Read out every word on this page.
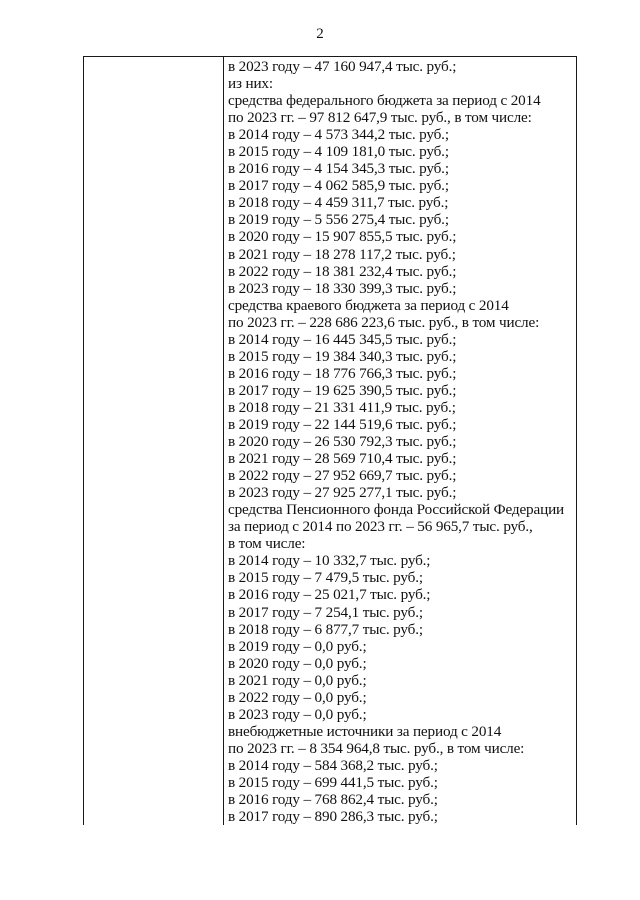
2
в 2023 году – 47 160 947,4 тыс. руб.;
из них:
средства федерального бюджета за период с 2014
по 2023 гг. – 97 812 647,9 тыс. руб., в том числе:
в 2014 году – 4 573 344,2 тыс. руб.;
в 2015 году – 4 109 181,0 тыс. руб.;
в 2016 году – 4 154 345,3 тыс. руб.;
в 2017 году – 4 062 585,9 тыс. руб.;
в 2018 году – 4 459 311,7 тыс. руб.;
в 2019 году – 5 556 275,4 тыс. руб.;
в 2020 году – 15 907 855,5 тыс. руб.;
в 2021 году – 18 278 117,2 тыс. руб.;
в 2022 году – 18 381 232,4 тыс. руб.;
в 2023 году – 18 330 399,3 тыс. руб.;
средства краевого бюджета за период с 2014
по 2023 гг. – 228 686 223,6 тыс. руб., в том числе:
в 2014 году – 16 445 345,5 тыс. руб.;
в 2015 году – 19 384 340,3 тыс. руб.;
в 2016 году – 18 776 766,3 тыс. руб.;
в 2017 году – 19 625 390,5 тыс. руб.;
в 2018 году – 21 331 411,9 тыс. руб.;
в 2019 году – 22 144 519,6 тыс. руб.;
в 2020 году – 26 530 792,3 тыс. руб.;
в 2021 году – 28 569 710,4 тыс. руб.;
в 2022 году – 27 952 669,7 тыс. руб.;
в 2023 году – 27 925 277,1 тыс. руб.;
средства Пенсионного фонда Российской Федерации
за период с 2014 по 2023 гг. – 56 965,7 тыс. руб.,
в том числе:
в 2014 году – 10 332,7 тыс. руб.;
в 2015 году – 7 479,5 тыс. руб.;
в 2016 году – 25 021,7 тыс. руб.;
в 2017 году – 7 254,1 тыс. руб.;
в 2018 году – 6 877,7 тыс. руб.;
в 2019 году – 0,0 руб.;
в 2020 году – 0,0 руб.;
в 2021 году – 0,0 руб.;
в 2022 году – 0,0 руб.;
в 2023 году – 0,0 руб.;
внебюджетные источники за период с 2014
по 2023 гг. – 8 354 964,8 тыс. руб., в том числе:
в 2014 году – 584 368,2 тыс. руб.;
в 2015 году – 699 441,5 тыс. руб.;
в 2016 году – 768 862,4 тыс. руб.;
в 2017 году – 890 286,3 тыс. руб.;
